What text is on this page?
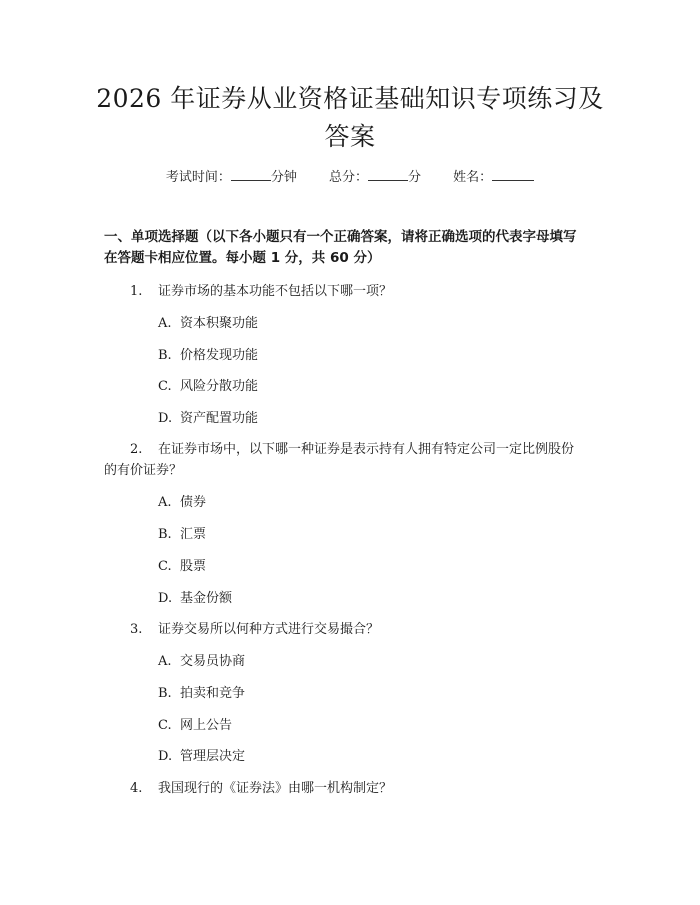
2026 年证券从业资格证基础知识专项练习及
答案
考试时间：	分钟 总分：	分 姓名：
一、单项选择题（以下各小题只有一个正确答案，请将正确选项的代表字母填写
在答题卡相应位置。每小题 1 分，共 60 分）
1. 证券市场的基本功能不包括以下哪一项？
A. 资本积聚功能
B. 价格发现功能
C. 风险分散功能
D. 资产配置功能
2. 在证券市场中，以下哪一种证券是表示持有人拥有特定公司一定比例股份
的有价证券？
A. 债券
B. 汇票
C. 股票
D. 基金份额
3. 证券交易所以何种方式进行交易撮合？
A. 交易员协商
B. 拍卖和竞争
C. 网上公告
D. 管理层决定
4. 我国现行的《证券法》由哪一机构制定？
